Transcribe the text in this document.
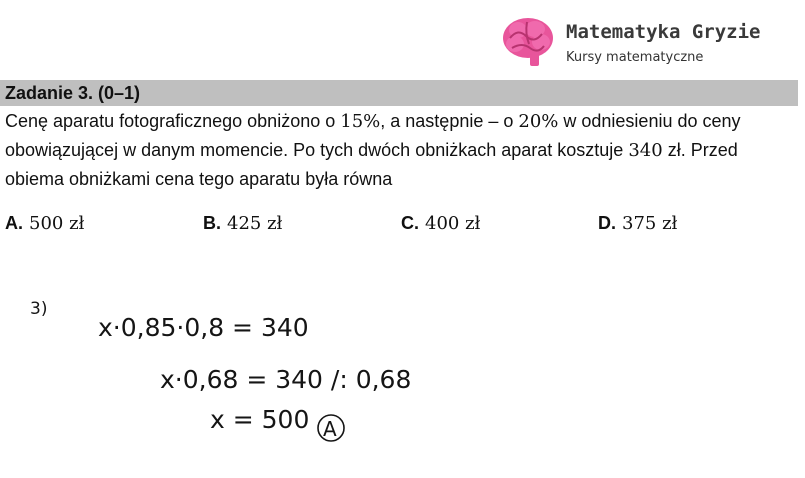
Matematyka Gryzie
Kursy matematyczne
Zadanie 3. (0–1)
Cenę aparatu fotograficznego obniżono o 15%, a następnie – o 20% w odniesieniu do ceny obowiązującej w danym momencie. Po tych dwóch obniżkach aparat kosztuje 340 zł. Przed obiema obniżkami cena tego aparatu była równa
A. 500 zł	B. 425 zł	C. 400 zł	D. 375 zł
3)
x·0,85·0,8 = 340
x·0,68 = 340 /: 0,68
x = 500 A
